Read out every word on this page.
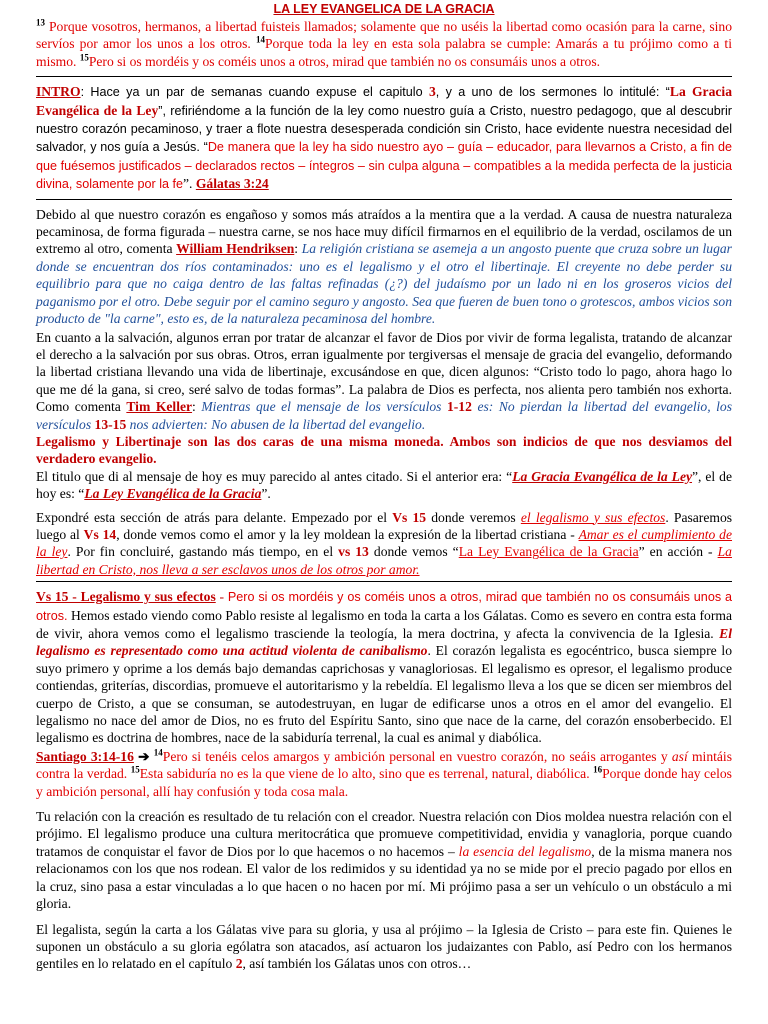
LA LEY EVANGELICA DE LA GRACIA

$^{13}$ Porque vosotros, hermanos, a libertad fuisteis llamados; solamente que no uséis la libertad como ocasión para la carne, sino servíos por amor los unos a los otros. $^{14}$Porque toda la ley en esta sola palabra se cumple: Amarás a tu prójimo como a ti mismo. $^{15}$Pero si os mordéis y os coméis unos a otros, mirad que también no os consumáis unos a otros.

INTRO: Hace ya un par de semanas cuando expuse el capitulo 3, y a uno de los sermones lo intitulé: “La Gracia Evangélica de la Ley”, refiriéndome a la función de la ley como nuestro guía a Cristo, nuestro pedagogo, que al descubrir nuestro corazón pecaminoso, y traer a flote nuestra desesperada condición sin Cristo, hace evidente nuestra necesidad del salvador, y nos guía a Jesús. “De manera que la ley ha sido nuestro ayo – guía – educador, para llevarnos a Cristo, a fin de que fuésemos justificados – declarados rectos – íntegros – sin culpa alguna – compatibles a la medida perfecta de la justicia divina, solamente por la fe”. Gálatas 3:24

Debido al que nuestro corazón es engañoso y somos más atraídos a la mentira que a la verdad. A causa de nuestra naturaleza pecaminosa, de forma figurada – nuestra carne, se nos hace muy difícil firmarnos en el equilibrio de la verdad, oscilamos de un extremo al otro, comenta William Hendriksen: La religión cristiana se asemeja a un angosto puente que cruza sobre un lugar donde se encuentran dos ríos contaminados: uno es el legalismo y el otro el libertinaje. El creyente no debe perder su equilibrio para que no caiga dentro de las faltas refinadas (¿?) del judaísmo por un lado ni en los groseros vicios del paganismo por el otro. Debe seguir por el camino seguro y angosto. Sea que fueren de buen tono o grotescos, ambos vicios son producto de "la carne", esto es, de la naturaleza pecaminosa del hombre.

En cuanto a la salvación, algunos erran por tratar de alcanzar el favor de Dios por vivir de forma legalista, tratando de alcanzar el derecho a la salvación por sus obras. Otros, erran igualmente por tergiversas el mensaje de gracia del evangelio, deformando la libertad cristiana llevando una vida de libertinaje, excusándose en que, dicen algunos: “Cristo todo lo pago, ahora hago lo que me dé la gana, si creo, seré salvo de todas formas”. La palabra de Dios es perfecta, nos alienta pero también nos exhorta. Como comenta Tim Keller: Mientras que el mensaje de los versículos 1-12 es: No pierdan la libertad del evangelio, los versículos 13-15 nos advierten: No abusen de la libertad del evangelio.

Legalismo y Libertinaje son las dos caras de una misma moneda. Ambos son indicios de que nos desviamos del verdadero evangelio.

El titulo que di al mensaje de hoy es muy parecido al antes citado. Si el anterior era: “La Gracia Evangélica de la Ley”, el de hoy es: “La Ley Evangélica de la Gracia”.

Expondré esta sección de atrás para delante. Empezado por el Vs 15 donde veremos el legalismo y sus efectos. Pasaremos luego al Vs 14, donde vemos como el amor y la ley moldean la expresión de la libertad cristiana - Amar es el cumplimiento de la ley. Por fin concluiré, gastando más tiempo, en el vs 13 donde vemos “La Ley Evangélica de la Gracia” en acción - La libertad en Cristo, nos lleva a ser esclavos unos de los otros por amor.

Vs 15 - Legalismo y sus efectos - Pero si os mordéis y os coméis unos a otros, mirad que también no os consumáis unos a otros. Hemos estado viendo como Pablo resiste al legalismo en toda la carta a los Gálatas. Como es severo en contra esta forma de vivir, ahora vemos como el legalismo trasciende la teología, la mera doctrina, y afecta la convivencia de la Iglesia. El legalismo es representado como una actitud violenta de canibalismo. El corazón legalista es egocéntrico, busca siempre lo suyo primero y oprime a los demás bajo demandas caprichosas y vanagloriosas. El legalismo es opresor, el legalismo produce contiendas, griterías, discordias, promueve el autoritarismo y la rebeldía. El legalismo lleva a los que se dicen ser miembros del cuerpo de Cristo, a que se consuman, se autodestruyan, en lugar de edificarse unos a otros en el amor del evangelio. El legalismo no nace del amor de Dios, no es fruto del Espíritu Santo, sino que nace de la carne, del corazón ensoberbecido. El legalismo es doctrina de hombres, nace de la sabiduría terrenal, la cual es animal y diabólica.

Santiago 3:14-16 ➔ $^{14}$Pero si tenéis celos amargos y ambición personal en vuestro corazón, no seáis arrogantes y así mintáis contra la verdad. $^{15}$Esta sabiduría no es la que viene de lo alto, sino que es terrenal, natural, diabólica. $^{16}$Porque donde hay celos y ambición personal, allí hay confusión y toda cosa mala.

Tu relación con la creación es resultado de tu relación con el creador. Nuestra relación con Dios moldea nuestra relación con el prójimo. El legalismo produce una cultura meritocrática que promueve competitividad, envidia y vanagloria, porque cuando tratamos de conquistar el favor de Dios por lo que hacemos o no hacemos – la esencia del legalismo, de la misma manera nos relacionamos con los que nos rodean. El valor de los redimidos y su identidad ya no se mide por el precio pagado por ellos en la cruz, sino pasa a estar vinculadas a lo que hacen o no hacen por mí. Mi prójimo pasa a ser un vehículo o un obstáculo a mi gloria.

El legalista, según la carta a los Gálatas vive para su gloria, y usa al prójimo – la Iglesia de Cristo – para este fin. Quienes le suponen un obstáculo a su gloria ególatra son atacados, así actuaron los judaizantes con Pablo, así Pedro con los hermanos gentiles en lo relatado en el capítulo 2, así también los Gálatas unos con otros…
